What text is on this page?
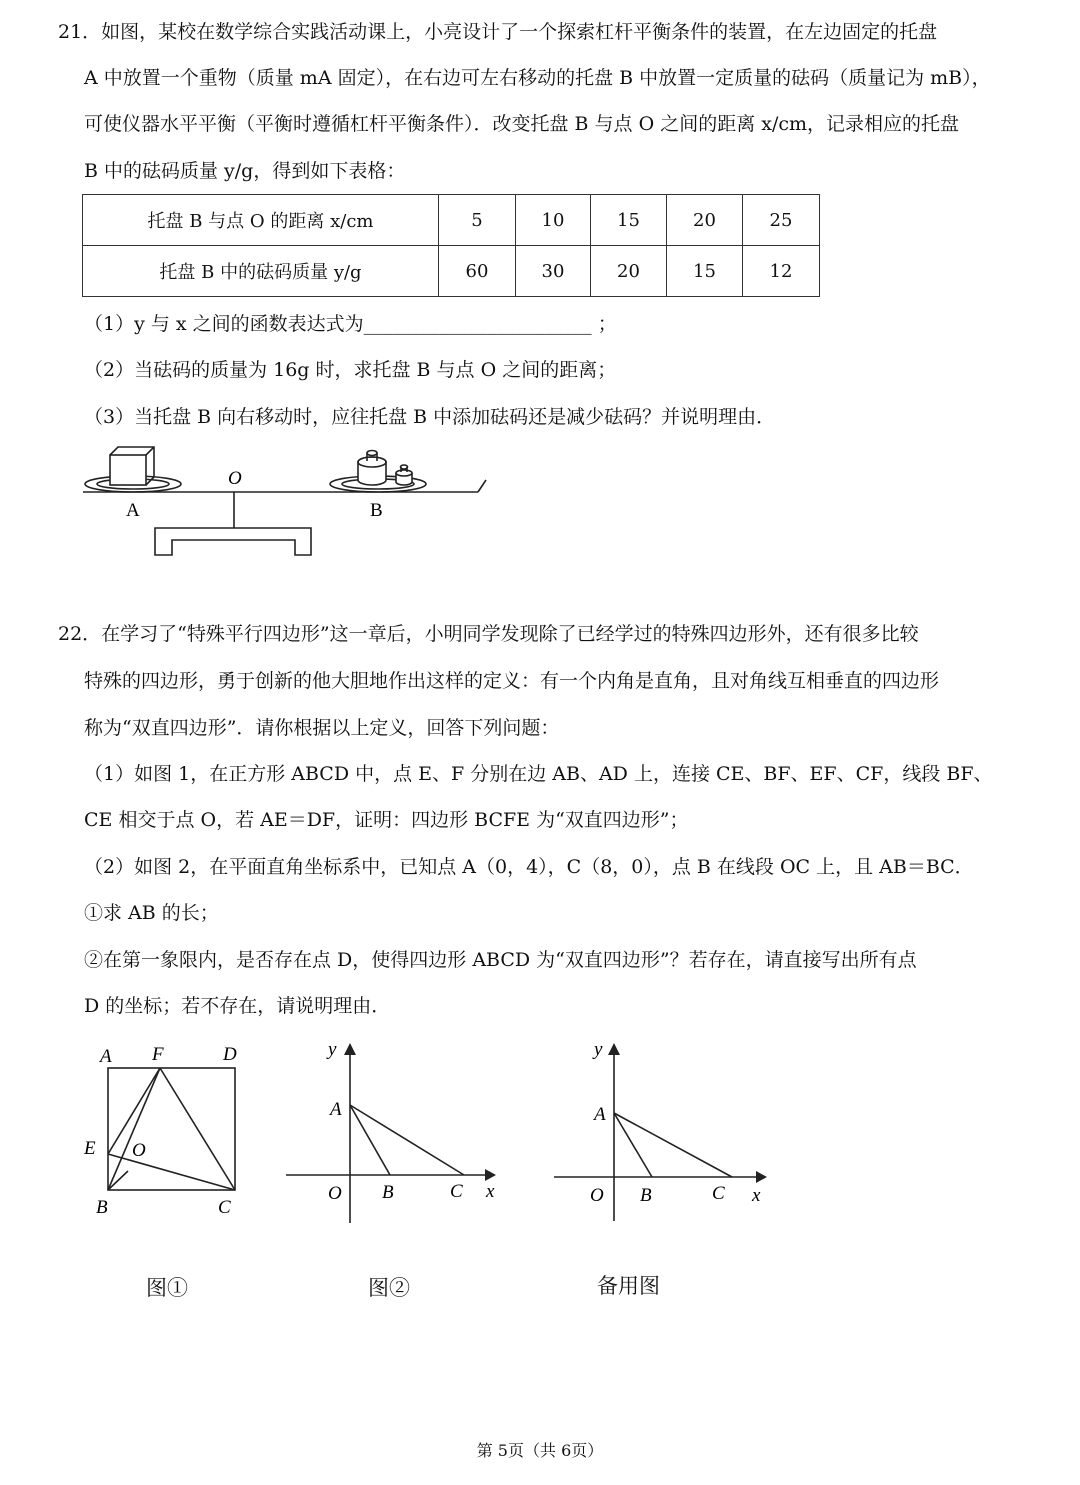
21．如图，某校在数学综合实践活动课上，小亮设计了一个探索杠杆平衡条件的装置，在左边固定的托盘
A 中放置一个重物（质量 mA 固定），在右边可左右移动的托盘 B 中放置一定质量的砝码（质量记为 mB），
可使仪器水平平衡（平衡时遵循杠杆平衡条件）．改变托盘 B 与点 O 之间的距离 x/cm，记录相应的托盘
B 中的砝码质量 y/g，得到如下表格：
托盘 B 与点 O 的距离 x/cm	5	10	15	20	25
托盘 B 中的砝码质量 y/g	60	30	20	15	12
（1）y 与 x 之间的函数表达式为________________________ ；
（2）当砝码的质量为 16g 时，求托盘 B 与点 O 之间的距离；
（3）当托盘 B 向右移动时，应往托盘 B 中添加砝码还是减少砝码？并说明理由．
O
A	B
22．在学习了“特殊平行四边形”这一章后，小明同学发现除了已经学过的特殊四边形外，还有很多比较
特殊的四边形，勇于创新的他大胆地作出这样的定义：有一个内角是直角，且对角线互相垂直的四边形
称为“双直四边形”．请你根据以上定义，回答下列问题：
（1）如图 1，在正方形 ABCD 中，点 E、F 分别在边 AB、AD 上，连接 CE、BF、EF、CF，线段 BF、
CE 相交于点 O，若 AE＝DF，证明：四边形 BCFE 为“双直四边形”；
（2）如图 2，在平面直角坐标系中，已知点 A（0，4），C（8，0），点 B 在线段 OC 上，且 AB＝BC．
①求 AB 的长；
②在第一象限内，是否存在点 D，使得四边形 ABCD 为“双直四边形”？若存在，请直接写出所有点
D 的坐标；若不存在，请说明理由．
A F	D
E O
B	C
y
A
O B	C x
y
A
O B	C x
图①	图②	备用图
第 5页（共 6页）
